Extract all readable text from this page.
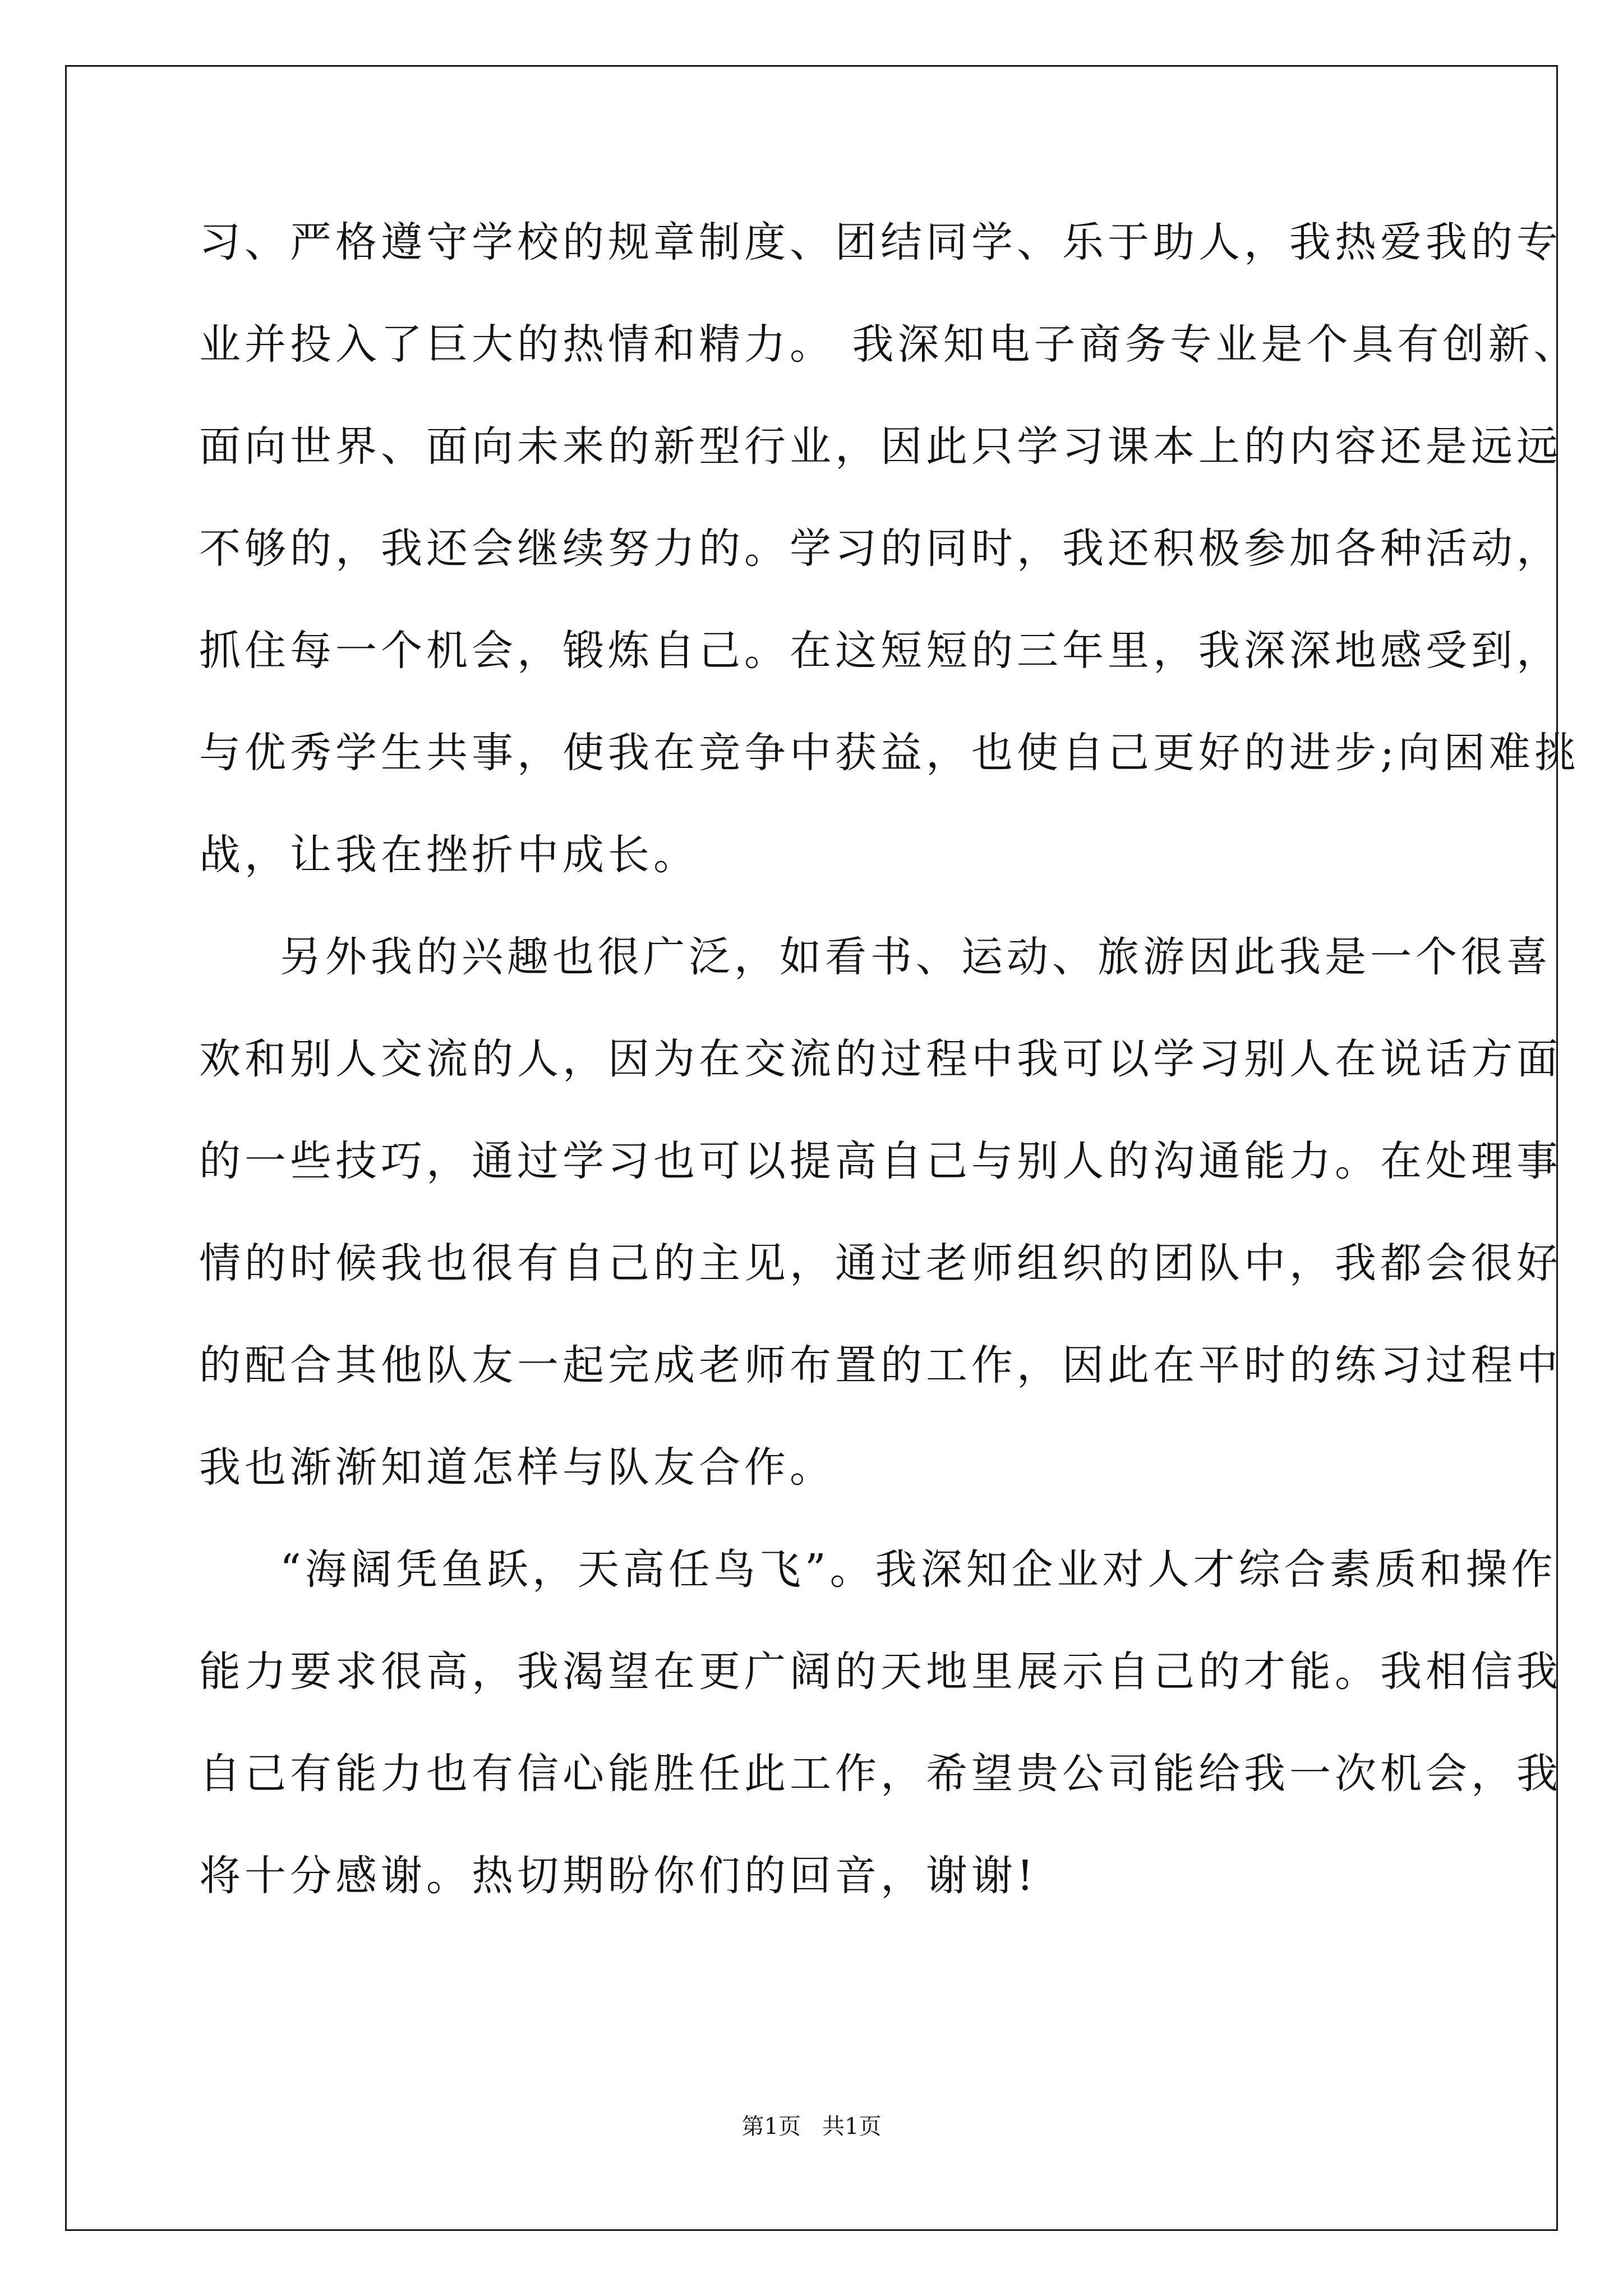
习、严格遵守学校的规章制度、团结同学、乐于助人，我热爱我的专

业并投入了巨大的热情和精力。 我深知电子商务专业是个具有创新、

面向世界、面向未来的新型行业，因此只学习课本上的内容还是远远

不够的，我还会继续努力的。学习的同时，我还积极参加各种活动，

抓住每一个机会，锻炼自己。在这短短的三年里，我深深地感受到，

与优秀学生共事，使我在竞争中获益，也使自己更好的进步;向困难挑

战，让我在挫折中成长。

另外我的兴趣也很广泛，如看书、运动、旅游因此我是一个很喜

欢和别人交流的人，因为在交流的过程中我可以学习别人在说话方面

的一些技巧，通过学习也可以提高自己与别人的沟通能力。在处理事

情的时候我也很有自己的主见，通过老师组织的团队中，我都会很好

的配合其他队友一起完成老师布置的工作，因此在平时的练习过程中

我也渐渐知道怎样与队友合作。

“海阔凭鱼跃，天高任鸟飞”。我深知企业对人才综合素质和操作

能力要求很高，我渴望在更广阔的天地里展示自己的才能。我相信我

自己有能力也有信心能胜任此工作，希望贵公司能给我一次机会，我

将十分感谢。热切期盼你们的回音，谢谢!

第1页   共1页
